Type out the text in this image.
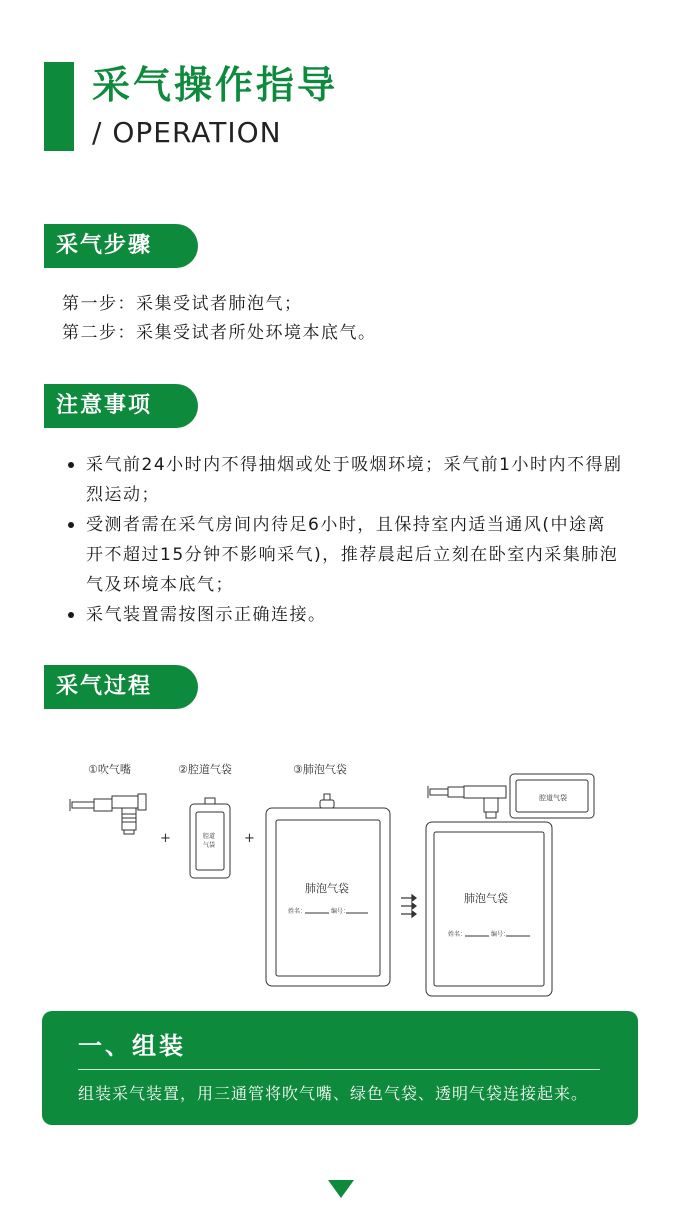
采气操作指导
/ OPERATION
采气步骤
第一步：采集受试者肺泡气；
第二步：采集受试者所处环境本底气。
注意事项
采气前24小时内不得抽烟或处于吸烟环境；采气前1小时内不得剧烈运动；
受测者需在采气房间内待足6小时，且保持室内适当通风(中途离开不超过15分钟不影响采气)，推荐晨起后立刻在卧室内采集肺泡气及环境本底气；
采气装置需按图示正确连接。
采气过程
①吹气嘴	②腔道气袋	③肺泡气袋
+	腔道
气袋 +
肺泡气袋
姓名：	编号：
腔道气袋
肺泡气袋
姓名：	编号：
一、组装
组装采气装置，用三通管将吹气嘴、绿色气袋、透明气袋连接起来。
